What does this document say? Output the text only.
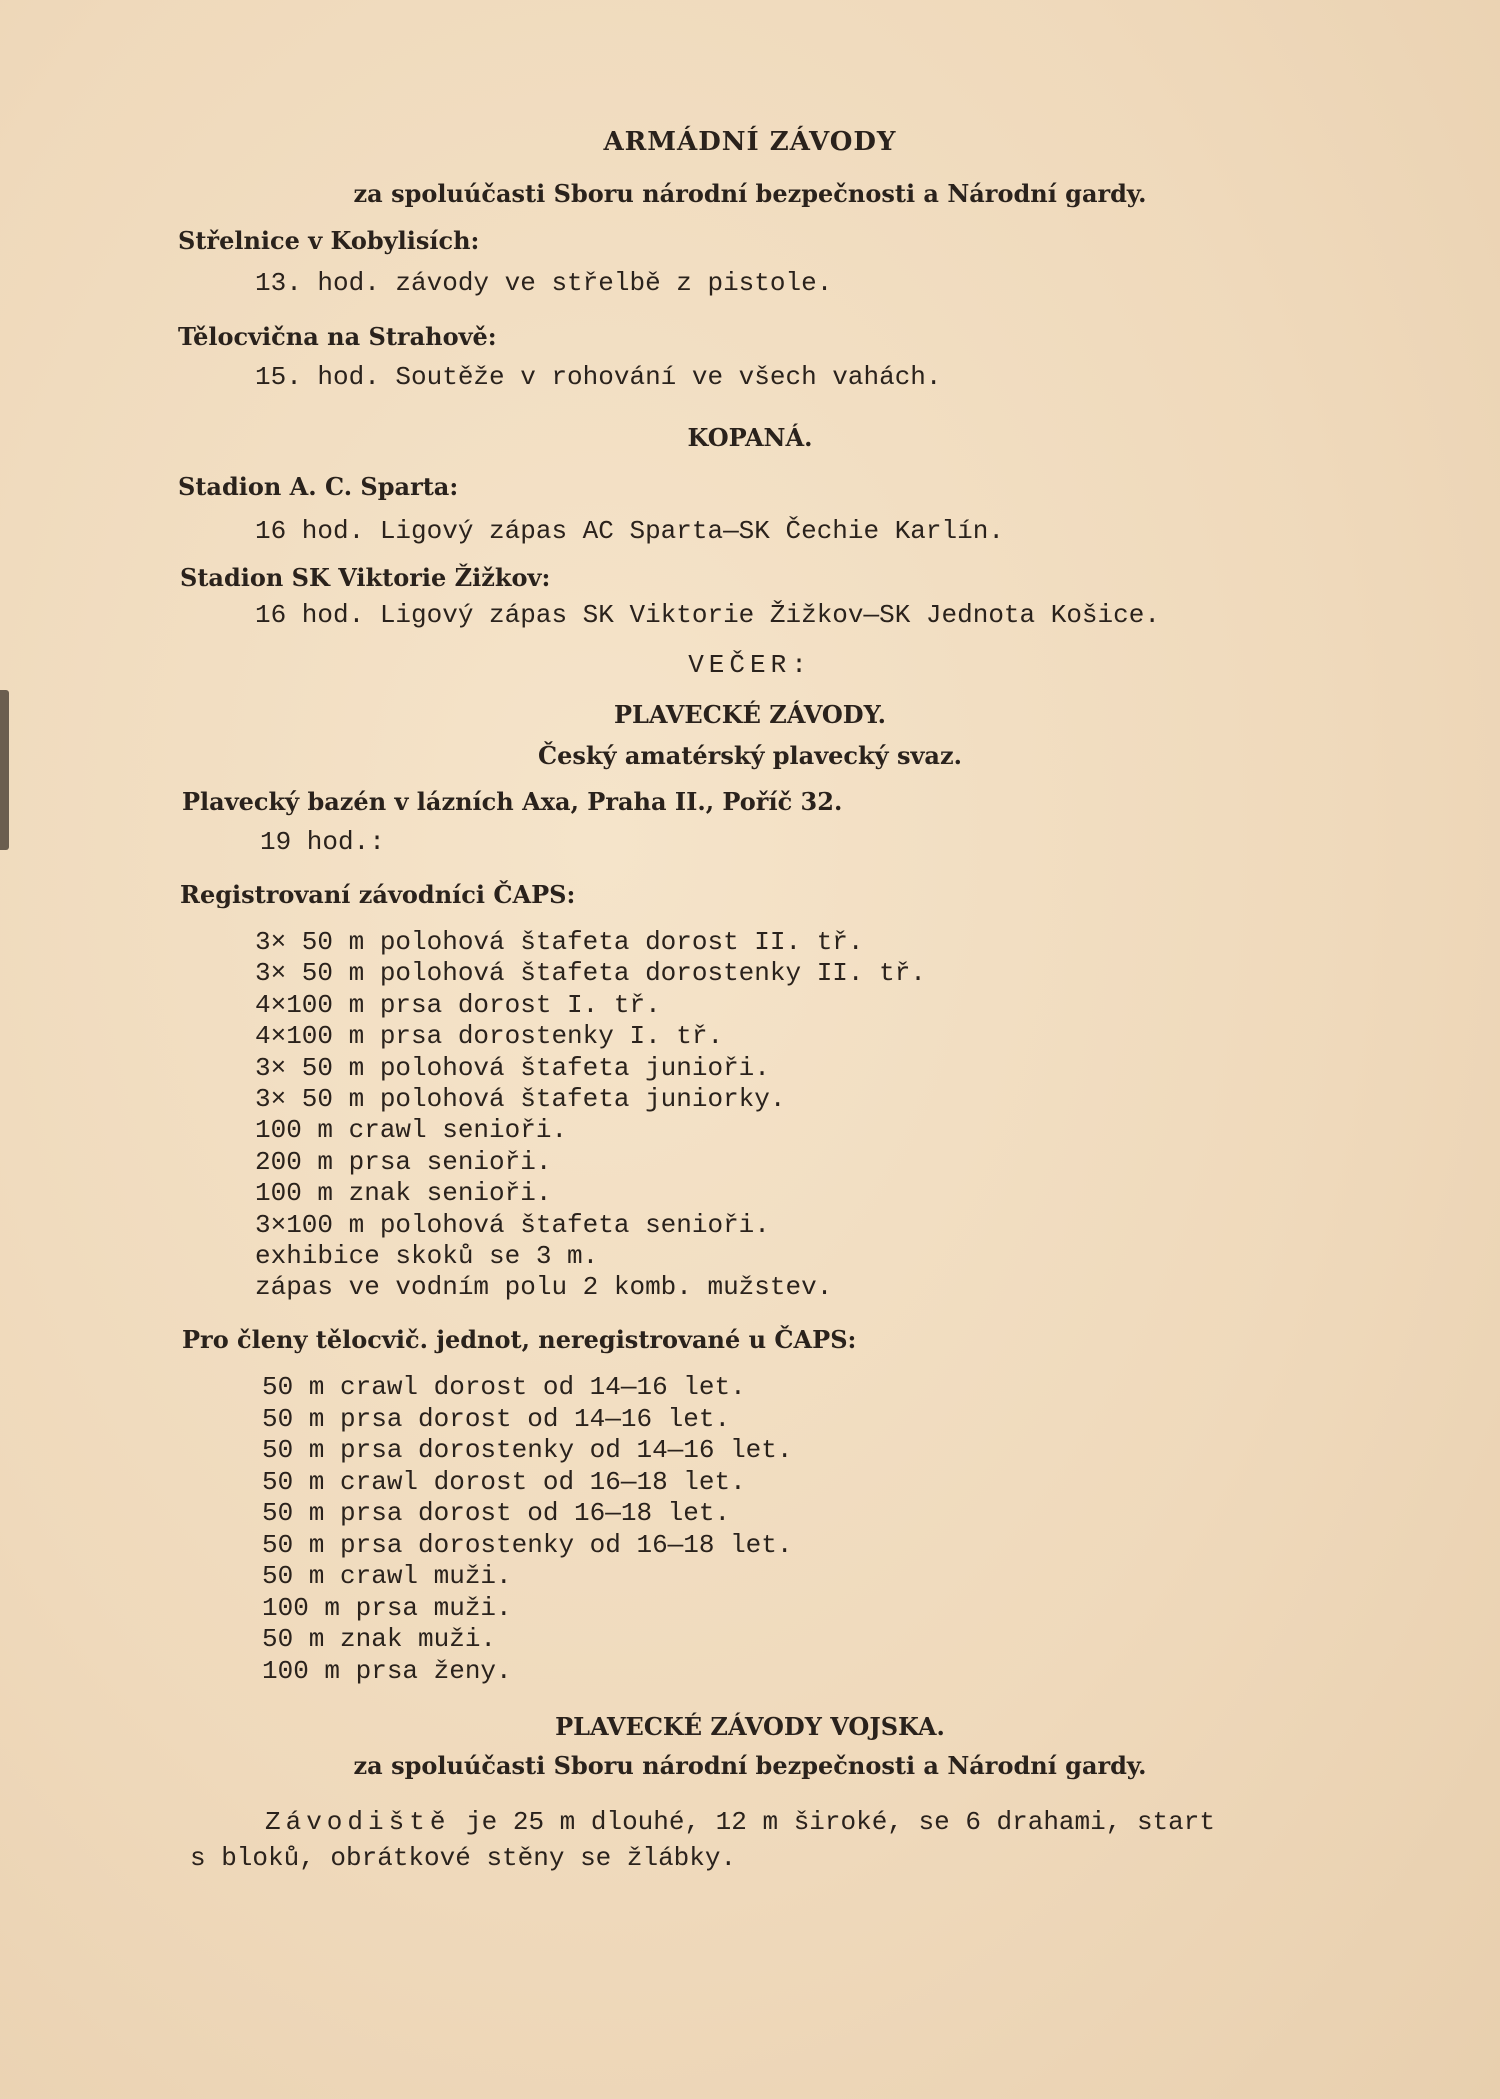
ARMÁDNÍ ZÁVODY
za spoluúčasti Sboru národní bezpečnosti a Národní gardy.
Střelnice v Kobylisích:
13. hod. závody ve střelbě z pistole.
Tělocvična na Strahově:
15. hod. Soutěže v rohování ve všech vahách.
KOPANÁ.
Stadion A. C. Sparta:
16 hod. Ligový zápas AC Sparta—SK Čechie Karlín.
Stadion SK Viktorie Žižkov:
16 hod. Ligový zápas SK Viktorie Žižkov—SK Jednota Košice.
VEČER:
PLAVECKÉ ZÁVODY.
Český amatérský plavecký svaz.
Plavecký bazén v lázních Axa, Praha II., Poříč 32.
19 hod.:
Registrovaní závodníci ČAPS:
3× 50 m polohová štafeta dorost II. tř.
3× 50 m polohová štafeta dorostenky II. tř.
4×100 m prsa dorost I. tř.
4×100 m prsa dorostenky I. tř.
3× 50 m polohová štafeta junioři.
3× 50 m polohová štafeta juniorky.
100 m crawl senioři.
200 m prsa senioři.
100 m znak senioři.
3×100 m polohová štafeta senioři.
exhibice skoků se 3 m.
zápas ve vodním polu 2 komb. mužstev.
Pro členy tělocvič. jednot, neregistrované u ČAPS:
50 m crawl dorost od 14—16 let.
50 m prsa dorost od 14—16 let.
50 m prsa dorostenky od 14—16 let.
50 m crawl dorost od 16—18 let.
50 m prsa dorost od 16—18 let.
50 m prsa dorostenky od 16—18 let.
50 m crawl muži.
100 m prsa muži.
50 m znak muži.
100 m prsa ženy.
PLAVECKÉ ZÁVODY VOJSKA.
za spoluúčasti Sboru národní bezpečnosti a Národní gardy.
Závodiště je 25 m dlouhé, 12 m široké, se 6 drahami, start
s bloků, obrátkové stěny se žlábky.
